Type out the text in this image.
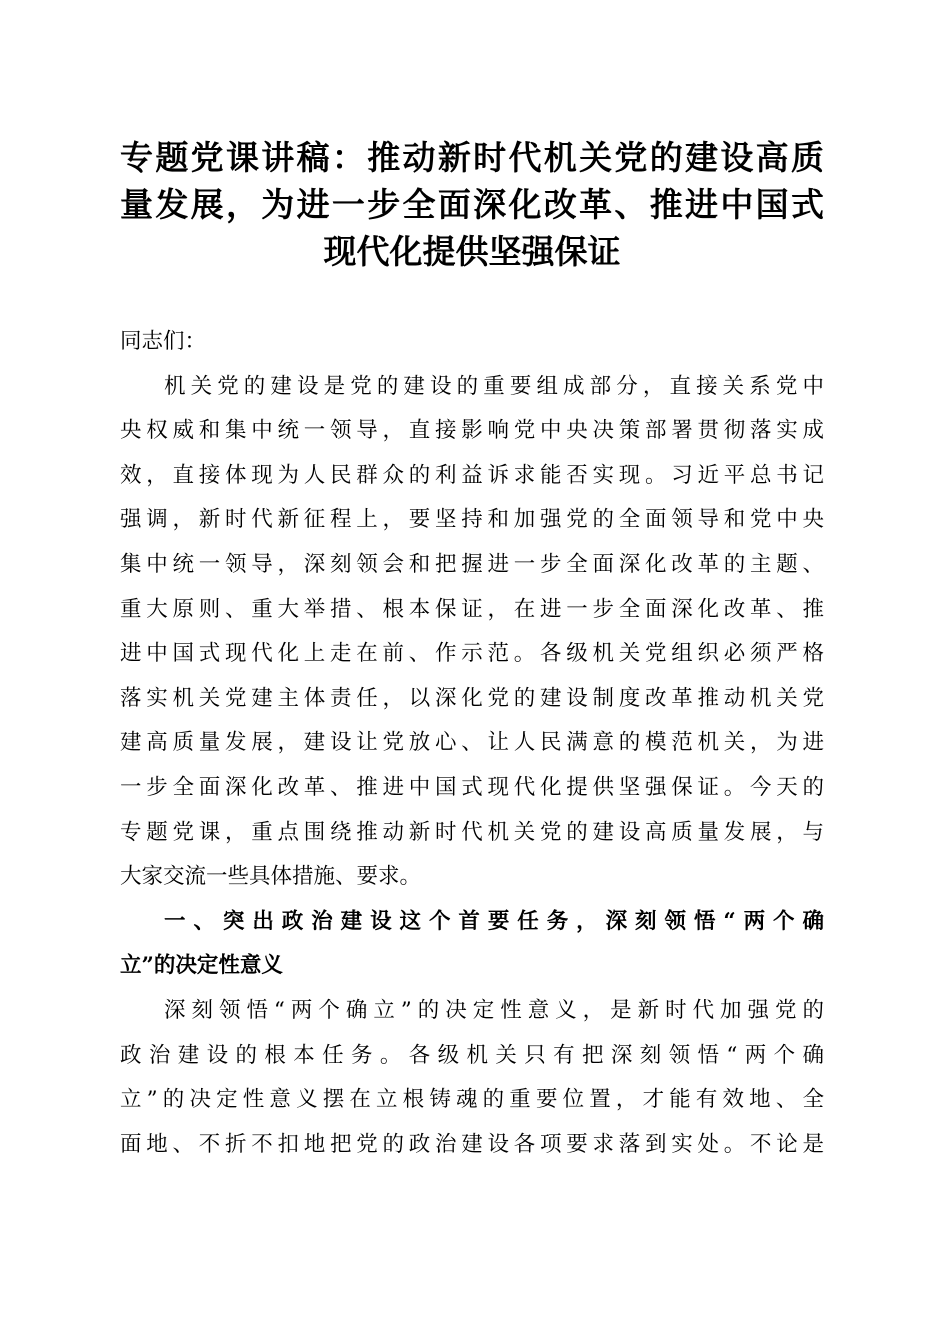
专题党课讲稿：推动新时代机关党的建设高质
量发展，为进一步全面深化改革、推进中国式
现代化提供坚强保证
同志们：
机关党的建设是党的建设的重要组成部分，直接关系党中
央权威和集中统一领导，直接影响党中央决策部署贯彻落实成
效，直接体现为人民群众的利益诉求能否实现。习近平总书记
强调，新时代新征程上，要坚持和加强党的全面领导和党中央
集中统一领导，深刻领会和把握进一步全面深化改革的主题、
重大原则、重大举措、根本保证，在进一步全面深化改革、推
进中国式现代化上走在前、作示范。各级机关党组织必须严格
落实机关党建主体责任，以深化党的建设制度改革推动机关党
建高质量发展，建设让党放心、让人民满意的模范机关，为进
一步全面深化改革、推进中国式现代化提供坚强保证。今天的
专题党课，重点围绕推动新时代机关党的建设高质量发展，与
大家交流一些具体措施、要求。
一、突出政治建设这个首要任务，深刻领悟“两个确
立”的决定性意义
深刻领悟“两个确立”的决定性意义，是新时代加强党的
政治建设的根本任务。各级机关只有把深刻领悟“两个确
立”的决定性意义摆在立根铸魂的重要位置，才能有效地、全
面地、不折不扣地把党的政治建设各项要求落到实处。不论是
